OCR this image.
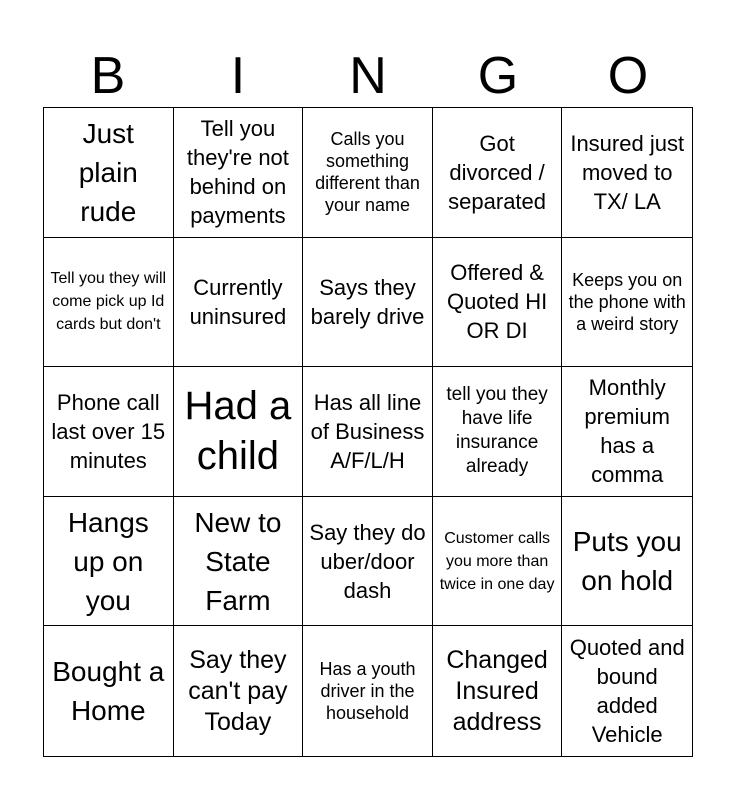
B	I	N	G	O
Just plain rude
Tell you they're not behind on payments
Calls you something different than your name
Got divorced / separated
Insured just moved to TX/ LA
Tell you they will come pick up Id cards but don't
Currently uninsured
Says they barely drive
Offered & Quoted HI OR DI
Keeps you on the phone with a weird story
Phone call last over 15 minutes
Had a child
Has all line of Business A/F/L/H
tell you they have life insurance already
Monthly premium has a comma
Hangs up on you
New to State Farm
Say they do uber/door dash
Customer calls you more than twice in one day
Puts you on hold
Bought a Home
Say they can't pay Today
Has a youth driver in the household
Changed Insured address
Quoted and bound added Vehicle
